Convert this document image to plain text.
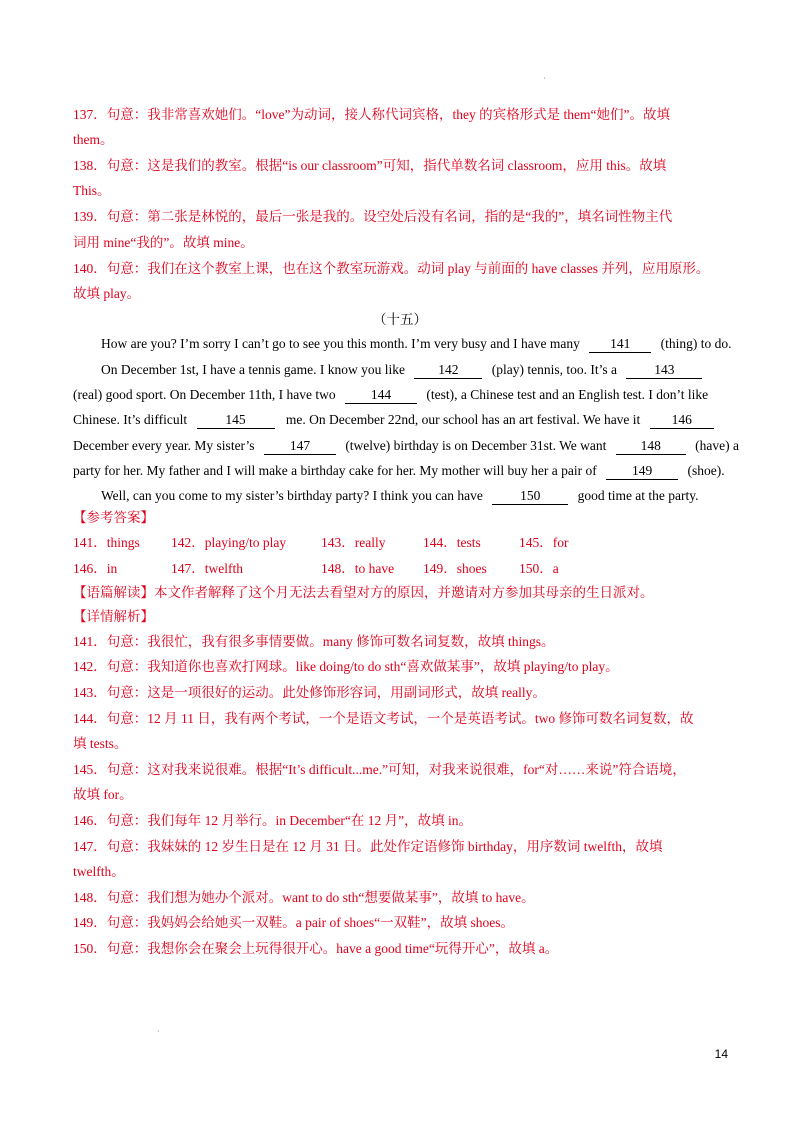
·
·
137．句意：我非常喜欢她们。“love”为动词，接人称代词宾格，they 的宾格形式是 them“她们”。故填
them。
138．句意：这是我们的教室。根据“is our classroom”可知，指代单数名词 classroom，应用 this。故填
This。
139．句意：第二张是林悦的，最后一张是我的。设空处后没有名词，指的是“我的”，填名词性物主代
词用 mine“我的”。故填 mine。
140．句意：我们在这个教室上课，也在这个教室玩游戏。动词 play 与前面的 have classes 并列，应用原形。
故填 play。
（十五）
How are you? I’m sorry I can’t go to see you this month. I’m very busy and I have many 141 (thing) to do.
On December 1st, I have a tennis game. I know you like 142 (play) tennis, too. It’s a	143
(real) good sport. On December 11th, I have two	144	(test), a Chinese test and an English test. I don’t like
Chinese. It’s difficult	145	me. On December 22nd, our school has an art festival. We have it 146
December every year. My sister’s	147	(twelve) birthday is on December 31st. We want	148	(have) a
party for her. My father and I will make a birthday cake for her. My mother will buy her a pair of	149	(shoe).
Well, can you come to my sister’s birthday party? I think you can have	150	good time at the party.
【参考答案】
141．things 142．playing/to play	143．really	144．tests	145．for
146．in	147．twelfth	148．to have 149．shoes 150．a
【语篇解读】本文作者解释了这个月无法去看望对方的原因，并邀请对方参加其母亲的生日派对。
【详情解析】
141．句意：我很忙，我有很多事情要做。many 修饰可数名词复数，故填 things。
142．句意：我知道你也喜欢打网球。like doing/to do sth“喜欢做某事”，故填 playing/to play。
143．句意：这是一项很好的运动。此处修饰形容词，用副词形式，故填 really。
144．句意：12 月 11 日，我有两个考试，一个是语文考试，一个是英语考试。two 修饰可数名词复数，故
填 tests。
145．句意：这对我来说很难。根据“It’s difficult...me.”可知，对我来说很难，for“对……来说”符合语境，
故填 for。
146．句意：我们每年 12 月举行。in December“在 12 月”，故填 in。
147．句意：我妹妹的 12 岁生日是在 12 月 31 日。此处作定语修饰 birthday，用序数词 twelfth，故填
twelfth。
148．句意：我们想为她办个派对。want to do sth“想要做某事”，故填 to have。
149．句意：我妈妈会给她买一双鞋。a pair of shoes“一双鞋”，故填 shoes。
150．句意：我想你会在聚会上玩得很开心。have a good time“玩得开心”，故填 a。
14
